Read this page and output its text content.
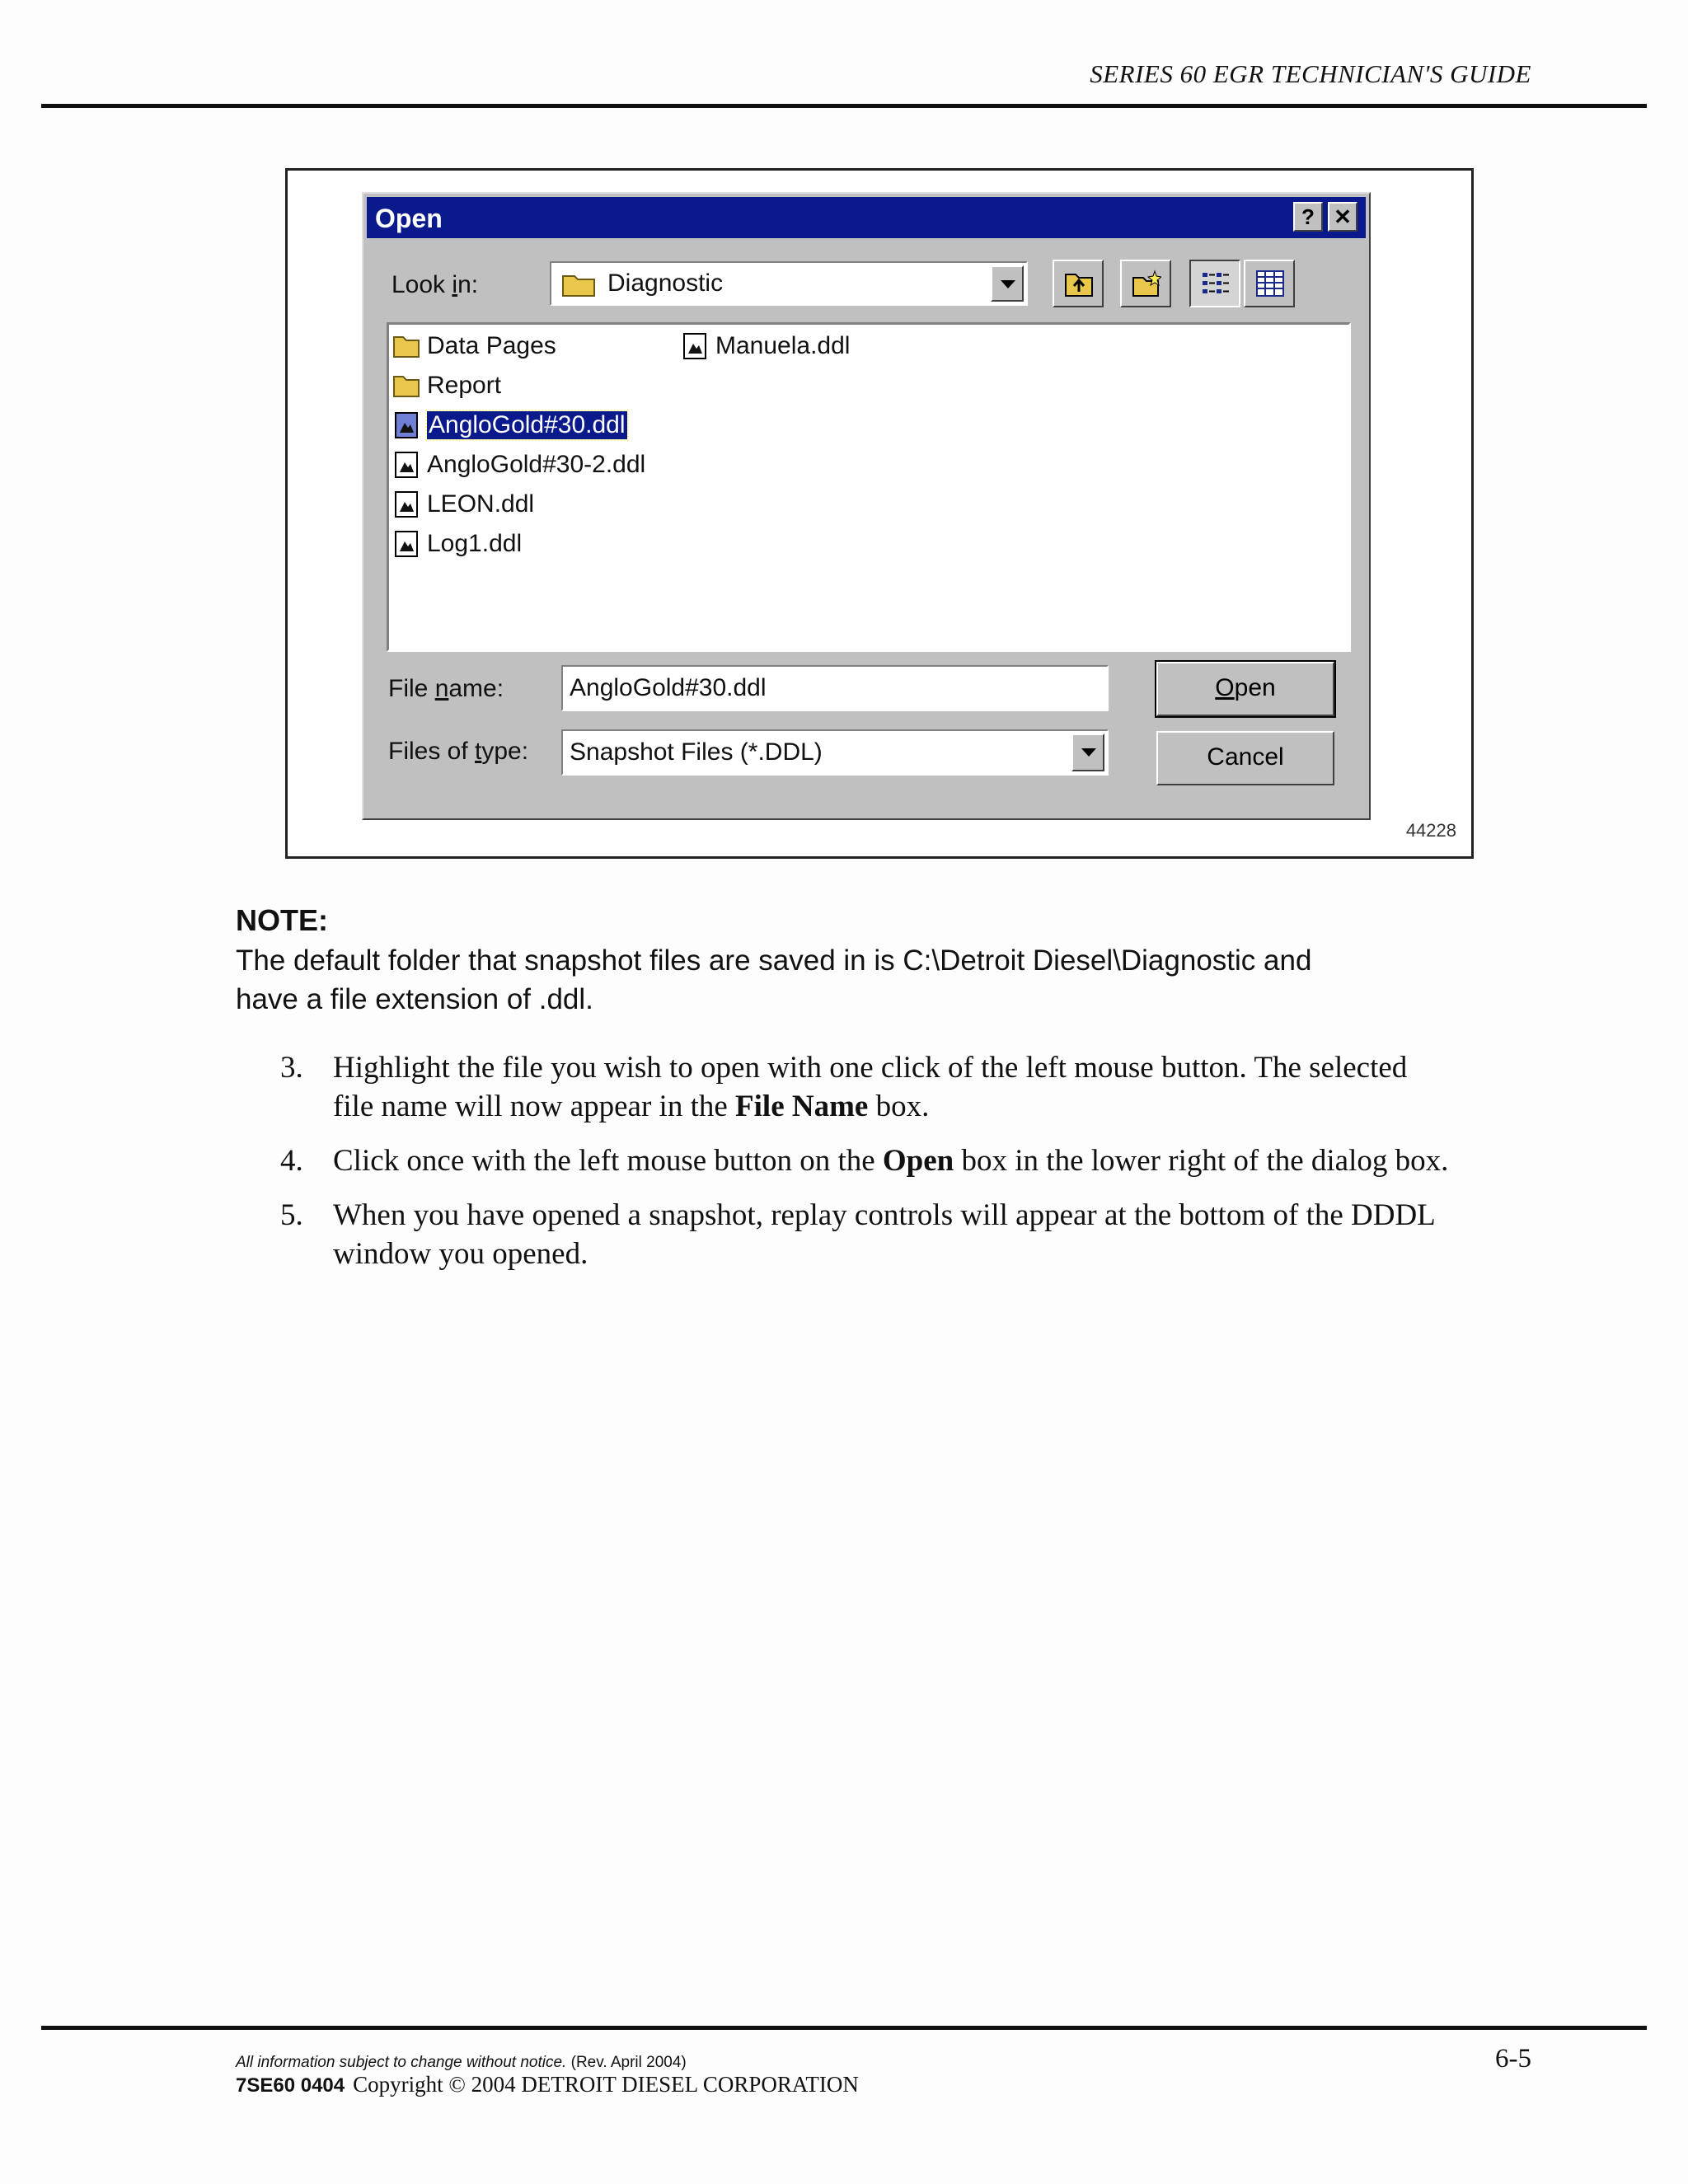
SERIES 60 EGR TECHNICIAN'S GUIDE
Open	? ✕
Look in:	Diagnostic
Data Pages
Report
AngloGold#30.ddl
AngloGold#30-2.ddl
LEON.ddl
Log1.ddl
Manuela.ddl
File name:	AngloGold#30.ddl
Files of type: Snapshot Files (*.DDL)
Open
Cancel
44228
NOTE:
The default folder that snapshot files are saved in is C:\Detroit Diesel\Diagnostic and
have a file extension of .ddl.
3. Highlight the file you wish to open with one click of the left mouse button. The selected
file name will now appear in the File Name box.
4. Click once with the left mouse button on the Open box in the lower right of the dialog box.
5. When you have opened a snapshot, replay controls will appear at the bottom of the DDDL
window you opened.
All information subject to change without notice. (Rev. April 2004)
7SE60 0404 Copyright © 2004 DETROIT DIESEL CORPORATION
6-5
